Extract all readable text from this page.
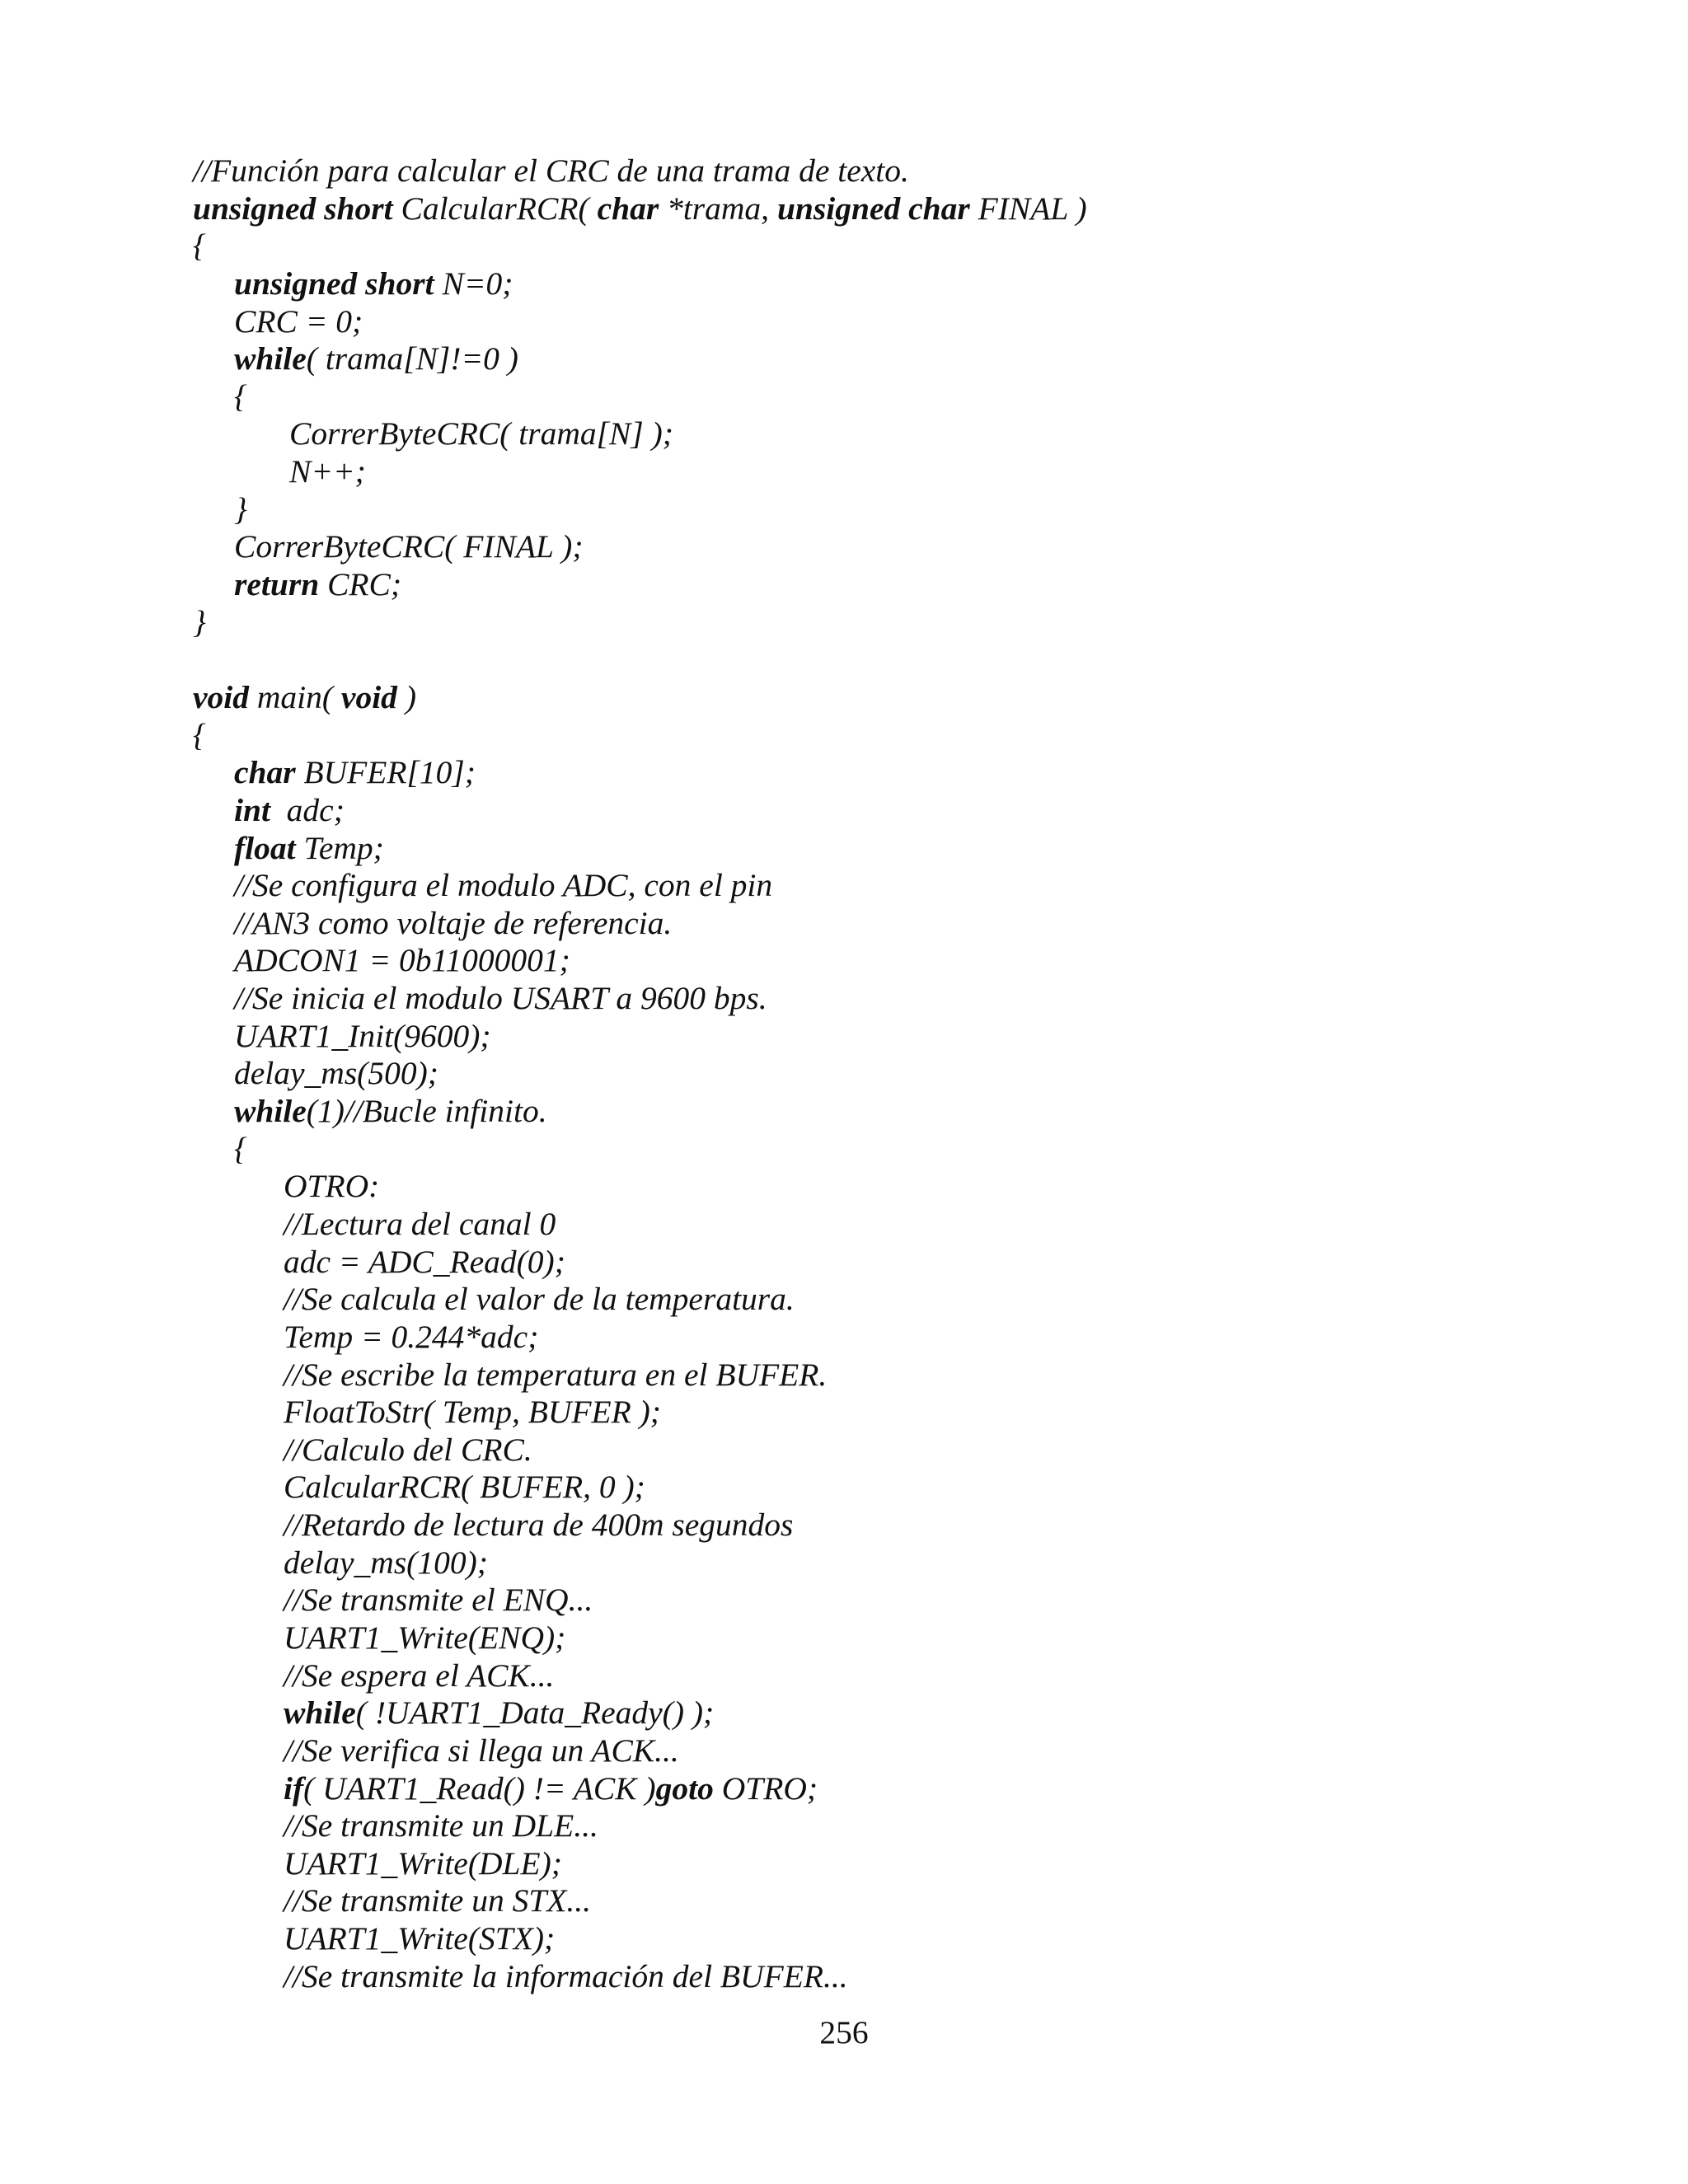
//Función para calcular el CRC de una trama de texto.
unsigned short CalcularRCR( char *trama, unsigned char FINAL )
{
unsigned short N=0;
CRC = 0;
while( trama[N]!=0 )
{
CorrerByteCRC( trama[N] );
N++;
}
CorrerByteCRC( FINAL );
return CRC;
}
void main( void )
{
char BUFER[10];
int  adc;
float Temp;
//Se configura el modulo ADC, con el pin
//AN3 como voltaje de referencia.
ADCON1 = 0b11000001;
//Se inicia el modulo USART a 9600 bps.
UART1_Init(9600);
delay_ms(500);
while(1)//Bucle infinito.
{
OTRO:
//Lectura del canal 0
adc = ADC_Read(0);
//Se calcula el valor de la temperatura.
Temp = 0.244*adc;
//Se escribe la temperatura en el BUFER.
FloatToStr( Temp, BUFER );
//Calculo del CRC.
CalcularRCR( BUFER, 0 );
//Retardo de lectura de 400m segundos
delay_ms(100);
//Se transmite el ENQ...
UART1_Write(ENQ);
//Se espera el ACK...
while( !UART1_Data_Ready() );
//Se verifica si llega un ACK...
if( UART1_Read() != ACK )goto OTRO;
//Se transmite un DLE...
UART1_Write(DLE);
//Se transmite un STX...
UART1_Write(STX);
//Se transmite la información del BUFER...
256
